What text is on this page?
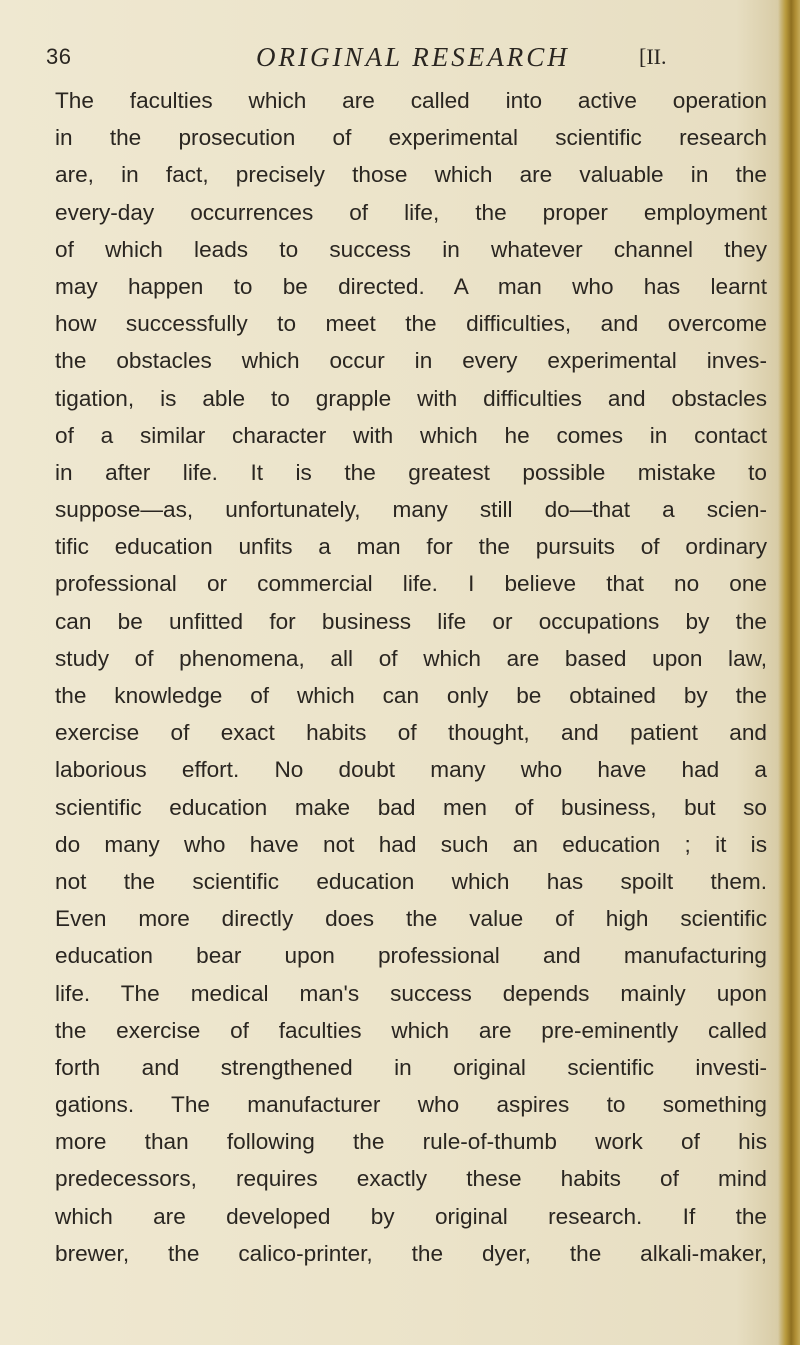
36	ORIGINAL RESEARCH	[II.
The faculties which are called into active operation
in the prosecution of experimental scientific research
are, in fact, precisely those which are valuable in the
every-day occurrences of life, the proper employment
of which leads to success in whatever channel they
may happen to be directed. A man who has learnt
how successfully to meet the difficulties, and overcome
the obstacles which occur in every experimental inves-
tigation, is able to grapple with difficulties and obstacles
of a similar character with which he comes in contact
in after life. It is the greatest possible mistake to
suppose—as, unfortunately, many still do—that a scien-
tific education unfits a man for the pursuits of ordinary
professional or commercial life. I believe that no one
can be unfitted for business life or occupations by the
study of phenomena, all of which are based upon law,
the knowledge of which can only be obtained by the
exercise of exact habits of thought, and patient and
laborious effort. No doubt many who have had a
scientific education make bad men of business, but so
do many who have not had such an education ; it is
not the scientific education which has spoilt them.
Even more directly does the value of high scientific
education bear upon professional and manufacturing
life. The medical man's success depends mainly upon
the exercise of faculties which are pre-eminently called
forth and strengthened in original scientific investi-
gations. The manufacturer who aspires to something
more than following the rule-of-thumb work of his
predecessors, requires exactly these habits of mind
which are developed by original research. If the
brewer, the calico-printer, the dyer, the alkali-maker,
